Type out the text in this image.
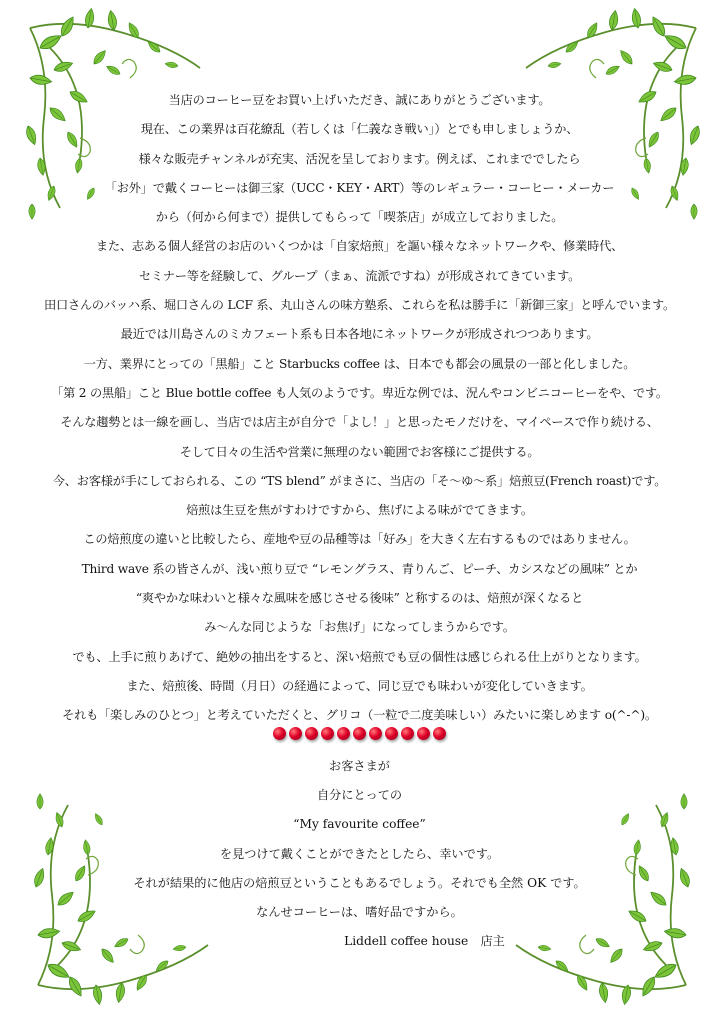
当店のコーヒー豆をお買い上げいただき、誠にありがとうございます。
現在、この業界は百花繚乱（若しくは「仁義なき戦い」）とでも申しましょうか、
様々な販売チャンネルが充実、活況を呈しております。例えば、これまででしたら
「お外」で戴くコーヒーは御三家（UCC・KEY・ART）等のレギュラー・コーヒー・メーカー
から（何から何まで）提供してもらって「喫茶店」が成立しておりました。
また、志ある個人経営のお店のいくつかは「自家焙煎」を謳い様々なネットワークや、修業時代、
セミナー等を経験して、グループ（まぁ、流派ですね）が形成されてきています。
田口さんのバッハ系、堀口さんの LCF 系、丸山さんの味方塾系、これらを私は勝手に「新御三家」と呼んでいます。
最近では川島さんのミカフェート系も日本各地にネットワークが形成されつつあります。
一方、業界にとっての「黒船」こと Starbucks coffee は、日本でも都会の風景の一部と化しました。
「第 2 の黒船」こと Blue bottle coffee も人気のようです。卑近な例では、況んやコンビニコーヒーをや、です。
そんな趨勢とは一線を画し、当店では店主が自分で「よし！」と思ったモノだけを、マイペースで作り続ける、
そして日々の生活や営業に無理のない範囲でお客様にご提供する。
今、お客様が手にしておられる、この “TS blend” がまさに、当店の「そ～ゆ～系」焙煎豆(French roast)です。
焙煎は生豆を焦がすわけですから、焦げによる味がでてきます。
この焙煎度の違いと比較したら、産地や豆の品種等は「好み」を大きく左右するものではありません。
Third wave 系の皆さんが、浅い煎り豆で “レモングラス、青りんご、ピーチ、カシスなどの風味” とか
“爽やかな味わいと様々な風味を感じさせる後味” と称するのは、焙煎が深くなると
み～んな同じような「お焦げ」になってしまうからです。
でも、上手に煎りあげて、絶妙の抽出をすると、深い焙煎でも豆の個性は感じられる仕上がりとなります。
また、焙煎後、時間（月日）の経過によって、同じ豆でも味わいが変化していきます。
それも「楽しみのひとつ」と考えていただくと、グリコ（一粒で二度美味しい）みたいに楽しめます o(^-^)。
お客さまが
自分にとっての
“My favourite coffee”
を見つけて戴くことができたとしたら、幸いです。
それが結果的に他店の焙煎豆ということもあるでしょう。それでも全然 OK です。
なんせコーヒーは、嗜好品ですから。
Liddell coffee house　店主
